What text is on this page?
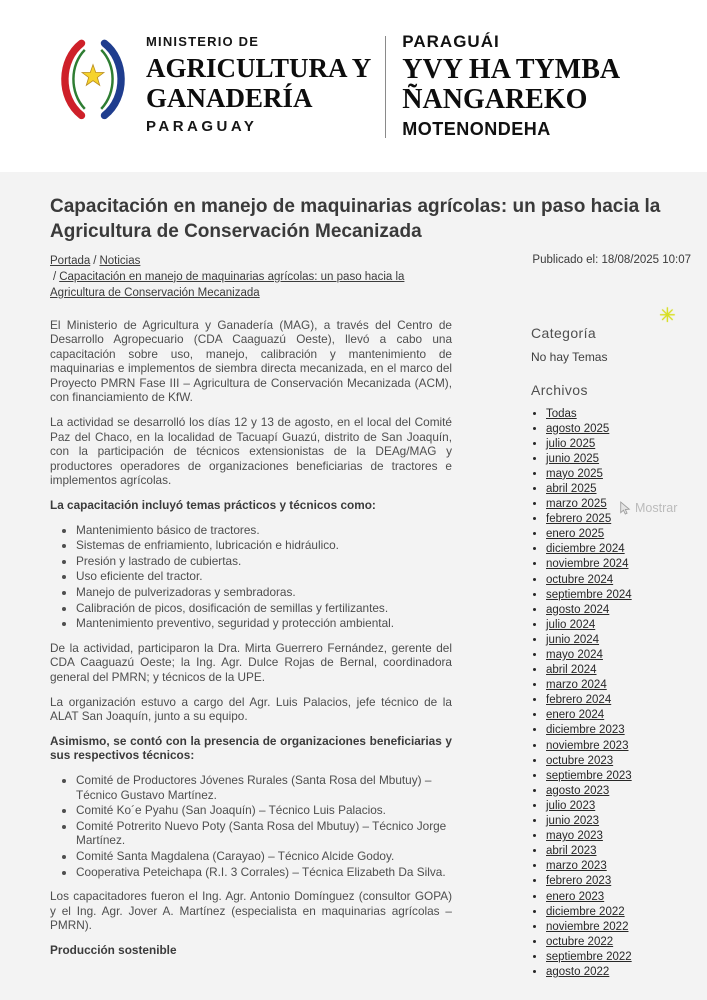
MINISTERIO DE
AGRICULTURA Y
GANADERÍA
PARAGUAY
PARAGUÁI
YVY HA TYMBA
ÑANGAREKO
MOTENONDEHA
Capacitación en manejo de maquinarias agrícolas: un paso hacia la Agricultura de Conservación Mecanizada
Portada / Noticias
/ Capacitación en manejo de maquinarias agrícolas: un paso hacia la Agricultura de Conservación Mecanizada
Publicado el: 18/08/2025 10:07

El Ministerio de Agricultura y Ganadería (MAG), a través del Centro de Desarrollo Agropecuario (CDA Caaguazú Oeste), llevó a cabo una capacitación sobre uso, manejo, calibración y mantenimiento de maquinarias e implementos de siembra directa mecanizada, en el marco del Proyecto PMRN Fase III – Agricultura de Conservación Mecanizada (ACM), con financiamiento de KfW.

La actividad se desarrolló los días 12 y 13 de agosto, en el local del Comité Paz del Chaco, en la localidad de Tacuapí Guazú, distrito de San Joaquín, con la participación de técnicos extensionistas de la DEAg/MAG y productores operadores de organizaciones beneficiarias de tractores e implementos agrícolas.

La capacitación incluyó temas prácticos y técnicos como:

• Mantenimiento básico de tractores.
• Sistemas de enfriamiento, lubricación e hidráulico.
• Presión y lastrado de cubiertas.
• Uso eficiente del tractor.
• Manejo de pulverizadoras y sembradoras.
• Calibración de picos, dosificación de semillas y fertilizantes.
• Mantenimiento preventivo, seguridad y protección ambiental.

De la actividad, participaron la Dra. Mirta Guerrero Fernández, gerente del CDA Caaguazú Oeste; la Ing. Agr. Dulce Rojas de Bernal, coordinadora general del PMRN; y técnicos de la UPE.

La organización estuvo a cargo del Agr. Luis Palacios, jefe técnico de la ALAT San Joaquín, junto a su equipo.

Asimismo, se contó con la presencia de organizaciones beneficiarias y sus respectivos técnicos:

• Comité de Productores Jóvenes Rurales (Santa Rosa del Mbutuy) – Técnico Gustavo Martínez.
• Comité Ko´e Pyahu (San Joaquín) – Técnico Luis Palacios.
• Comité Potrerito Nuevo Poty (Santa Rosa del Mbutuy) – Técnico Jorge Martínez.
• Comité Santa Magdalena (Carayao) – Técnico Alcide Godoy.
• Cooperativa Peteichapa (R.I. 3 Corrales) – Técnica Elizabeth Da Silva.

Los capacitadores fueron el Ing. Agr. Antonio Domínguez (consultor GOPA) y el Ing. Agr. Jover A. Martínez (especialista en maquinarias agrícolas – PMRN).

Producción sostenible

Categoría
No hay Temas
Archivos
• Todas
• agosto 2025
• julio 2025
• junio 2025
• mayo 2025
• abril 2025
• marzo 2025
• febrero 2025
• enero 2025
• diciembre 2024
• noviembre 2024
• octubre 2024
• septiembre 2024
• agosto 2024
• julio 2024
• junio 2024
• mayo 2024
• abril 2024
• marzo 2024
• febrero 2024
• enero 2024
• diciembre 2023
• noviembre 2023
• octubre 2023
• septiembre 2023
• agosto 2023
• julio 2023
• junio 2023
• mayo 2023
• abril 2023
• marzo 2023
• febrero 2023
• enero 2023
• diciembre 2022
• noviembre 2022
• octubre 2022
• septiembre 2022
• agosto 2022
✳
Mostrar
